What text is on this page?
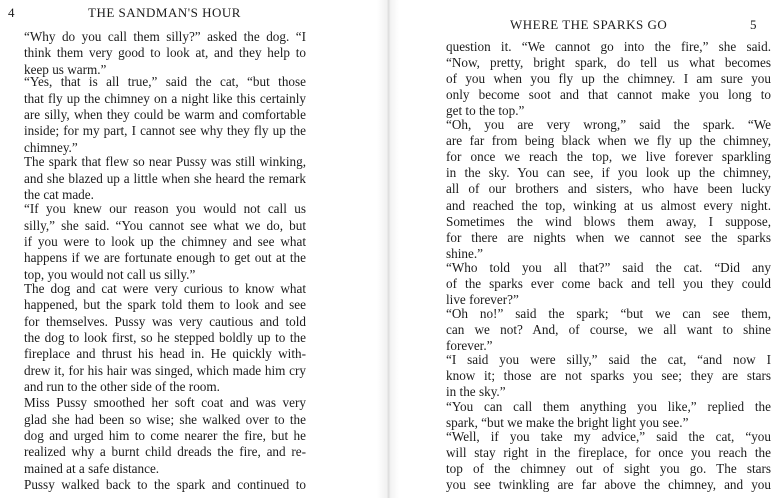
4	THE SANDMAN'S HOUR
“Why do you call them silly?” asked the dog. “I
think them very good to look at, and they help to
keep us warm.”
“Yes, that is all true,” said the cat, “but those
that fly up the chimney on a night like this certainly
are silly, when they could be warm and comfortable
inside; for my part, I cannot see why they fly up the
chimney.”
The spark that flew so near Pussy was still winking,
and she blazed up a little when she heard the remark
the cat made.
“If you knew our reason you would not call us
silly,” she said. “You cannot see what we do, but
if you were to look up the chimney and see what
happens if we are fortunate enough to get out at the
top, you would not call us silly.”
The dog and cat were very curious to know what
happened, but the spark told them to look and see
for themselves. Pussy was very cautious and told
the dog to look first, so he stepped boldly up to the
fireplace and thrust his head in. He quickly with-
drew it, for his hair was singed, which made him cry
and run to the other side of the room.
Miss Pussy smoothed her soft coat and was very
glad she had been so wise; she walked over to the
dog and urged him to come nearer the fire, but he
realized why a burnt child dreads the fire, and re-
mained at a safe distance.
Pussy walked back to the spark and continued to
WHERE THE SPARKS GO	5
question it. “We cannot go into the fire,” she said.
“Now, pretty, bright spark, do tell us what becomes
of you when you fly up the chimney. I am sure you
only become soot and that cannot make you long to
get to the top.”
“Oh, you are very wrong,” said the spark. “We
are far from being black when we fly up the chimney,
for once we reach the top, we live forever sparkling
in the sky. You can see, if you look up the chimney,
all of our brothers and sisters, who have been lucky
and reached the top, winking at us almost every night.
Sometimes the wind blows them away, I suppose,
for there are nights when we cannot see the sparks
shine.”
“Who told you all that?” said the cat. “Did any
of the sparks ever come back and tell you they could
live forever?”
“Oh no!” said the spark; “but we can see them,
can we not? And, of course, we all want to shine
forever.”
“I said you were silly,” said the cat, “and now I
know it; those are not sparks you see; they are stars
in the sky.”
“You can call them anything you like,” replied the
spark, “but we make the bright light you see.”
“Well, if you take my advice,” said the cat, “you
will stay right in the fireplace, for once you reach the
top of the chimney out of sight you go. The stars
you see twinkling are far above the chimney, and you
